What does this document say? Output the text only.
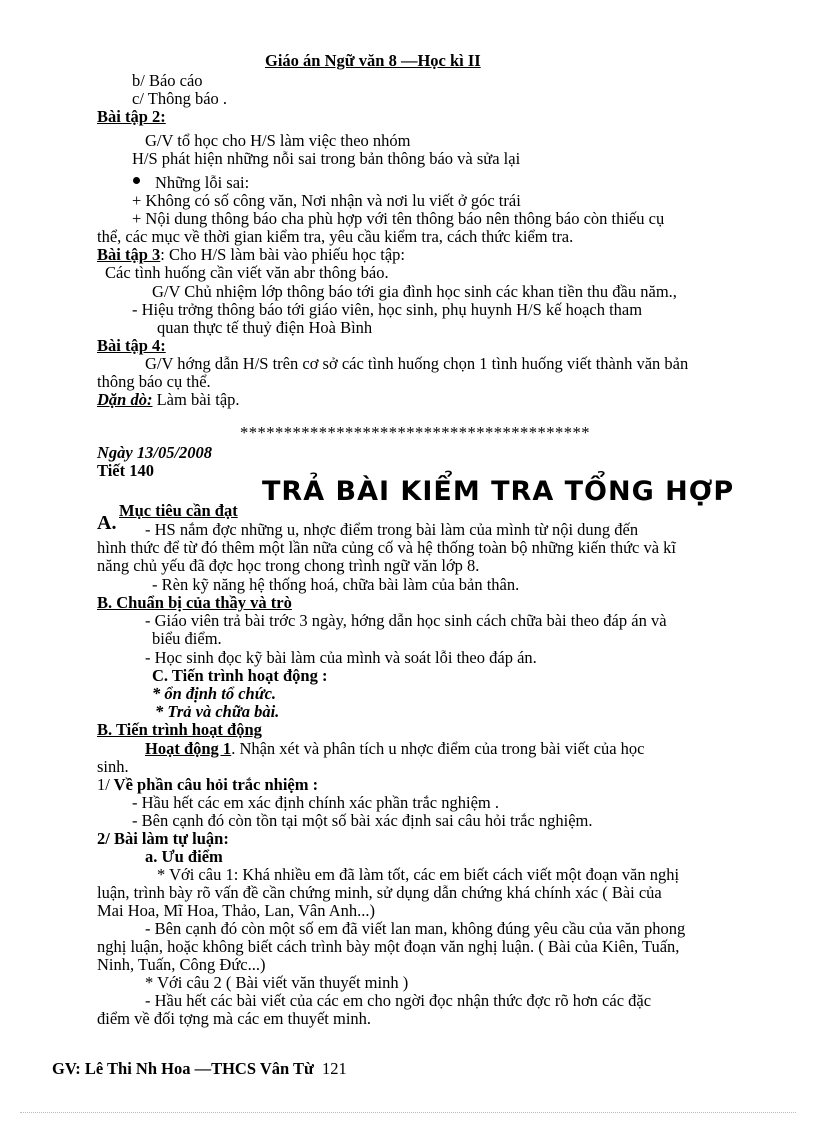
Giáo án Ngữ văn 8 —Học kì II
b/ Báo cáo
c/ Thông báo .
Bài tập 2:
G/V tổ học cho H/S làm việc theo nhóm
H/S phát hiện những nỗi sai trong bản thông báo và sửa lại
Những lỗi sai:
+ Không có số công văn, Nơi nhận và nơi lu viết ở góc trái
+ Nội dung thông báo cha phù hợp với tên thông báo nên thông báo còn thiếu cụ
thể, các mục về thời gian kiểm tra, yêu cầu kiểm tra, cách thức kiểm tra.
Bài tập 3: Cho H/S làm bài vào phiếu học tập:
Các tình huống cần viết văn abr thông báo.
G/V Chủ nhiệm lớp thông báo tới gia đình học sinh các khan tiền thu đầu năm.,
- Hiệu trởng thông báo tới giáo viên, học sinh, phụ huynh H/S kế hoạch tham
quan thực tế thuỷ điện Hoà Bình
Bài tập 4:
G/V hớng dẫn H/S trên cơ sở các tình huống chọn 1 tình huống viết thành văn bản
thông báo cụ thể.
Dặn dò: Làm bài tập.
****************************************
Ngày 13/05/2008
Tiết 140
TRẢ BÀI KIỂM TRA TỔNG HỢP
Mục tiêu cần đạt
A. - HS nắm đợc những u, nhợc điểm trong bài làm của mình từ nội dung đến
hình thức để từ đó thêm một lần nữa củng cố và hệ thống toàn bộ những kiến thức và kĩ
năng chủ yếu đã đợc học trong chong trình ngữ văn lớp 8.
- Rèn kỹ năng hệ thống hoá, chữa bài làm của bản thân.
B. Chuẩn bị của thầy và trò
- Giáo viên trả bài trớc 3 ngày, hớng dẫn học sinh cách chữa bài theo đáp án và
biểu điểm.
- Học sinh đọc kỹ bài làm của mình và soát lỗi theo đáp án.
C. Tiến trình hoạt động :
* ổn định tổ chức.
* Trả và chữa bài.
B. Tiến trình hoạt động
Hoạt động 1. Nhận xét và phân tích u nhợc điểm của trong bài viết của học
sinh.
1/ Về phần câu hỏi trắc nhiệm :
- Hầu hết các em xác định chính xác phần trắc nghiệm .
- Bên cạnh đó còn tồn tại một số bài xác định sai câu hỏi trắc nghiệm.
2/ Bài làm tự luận:
a. Ưu điểm
* Với câu 1: Khá nhiều em đã làm tốt, các em biết cách viết một đoạn văn nghị
luận, trình bày rõ vấn đề cần chứng minh, sử dụng dẫn chứng khá chính xác ( Bài của
Mai Hoa, Mĩ Hoa, Thảo, Lan, Vân Anh...)
- Bên cạnh đó còn một số em đã viết lan man, không đúng yêu cầu của văn phong
nghị luận, hoặc không biết cách trình bày một đoạn văn nghị luận. ( Bài của Kiên, Tuấn,
Ninh, Tuấn, Công Đức...)
* Với câu 2 ( Bài viết văn thuyết minh )
- Hầu hết các bài viết của các em cho ngời đọc nhận thức đợc rõ hơn các đặc
điểm về đối tợng mà các em thuyết minh.
GV: Lê Thi Nh Hoa —THCS Vân Từ 121
